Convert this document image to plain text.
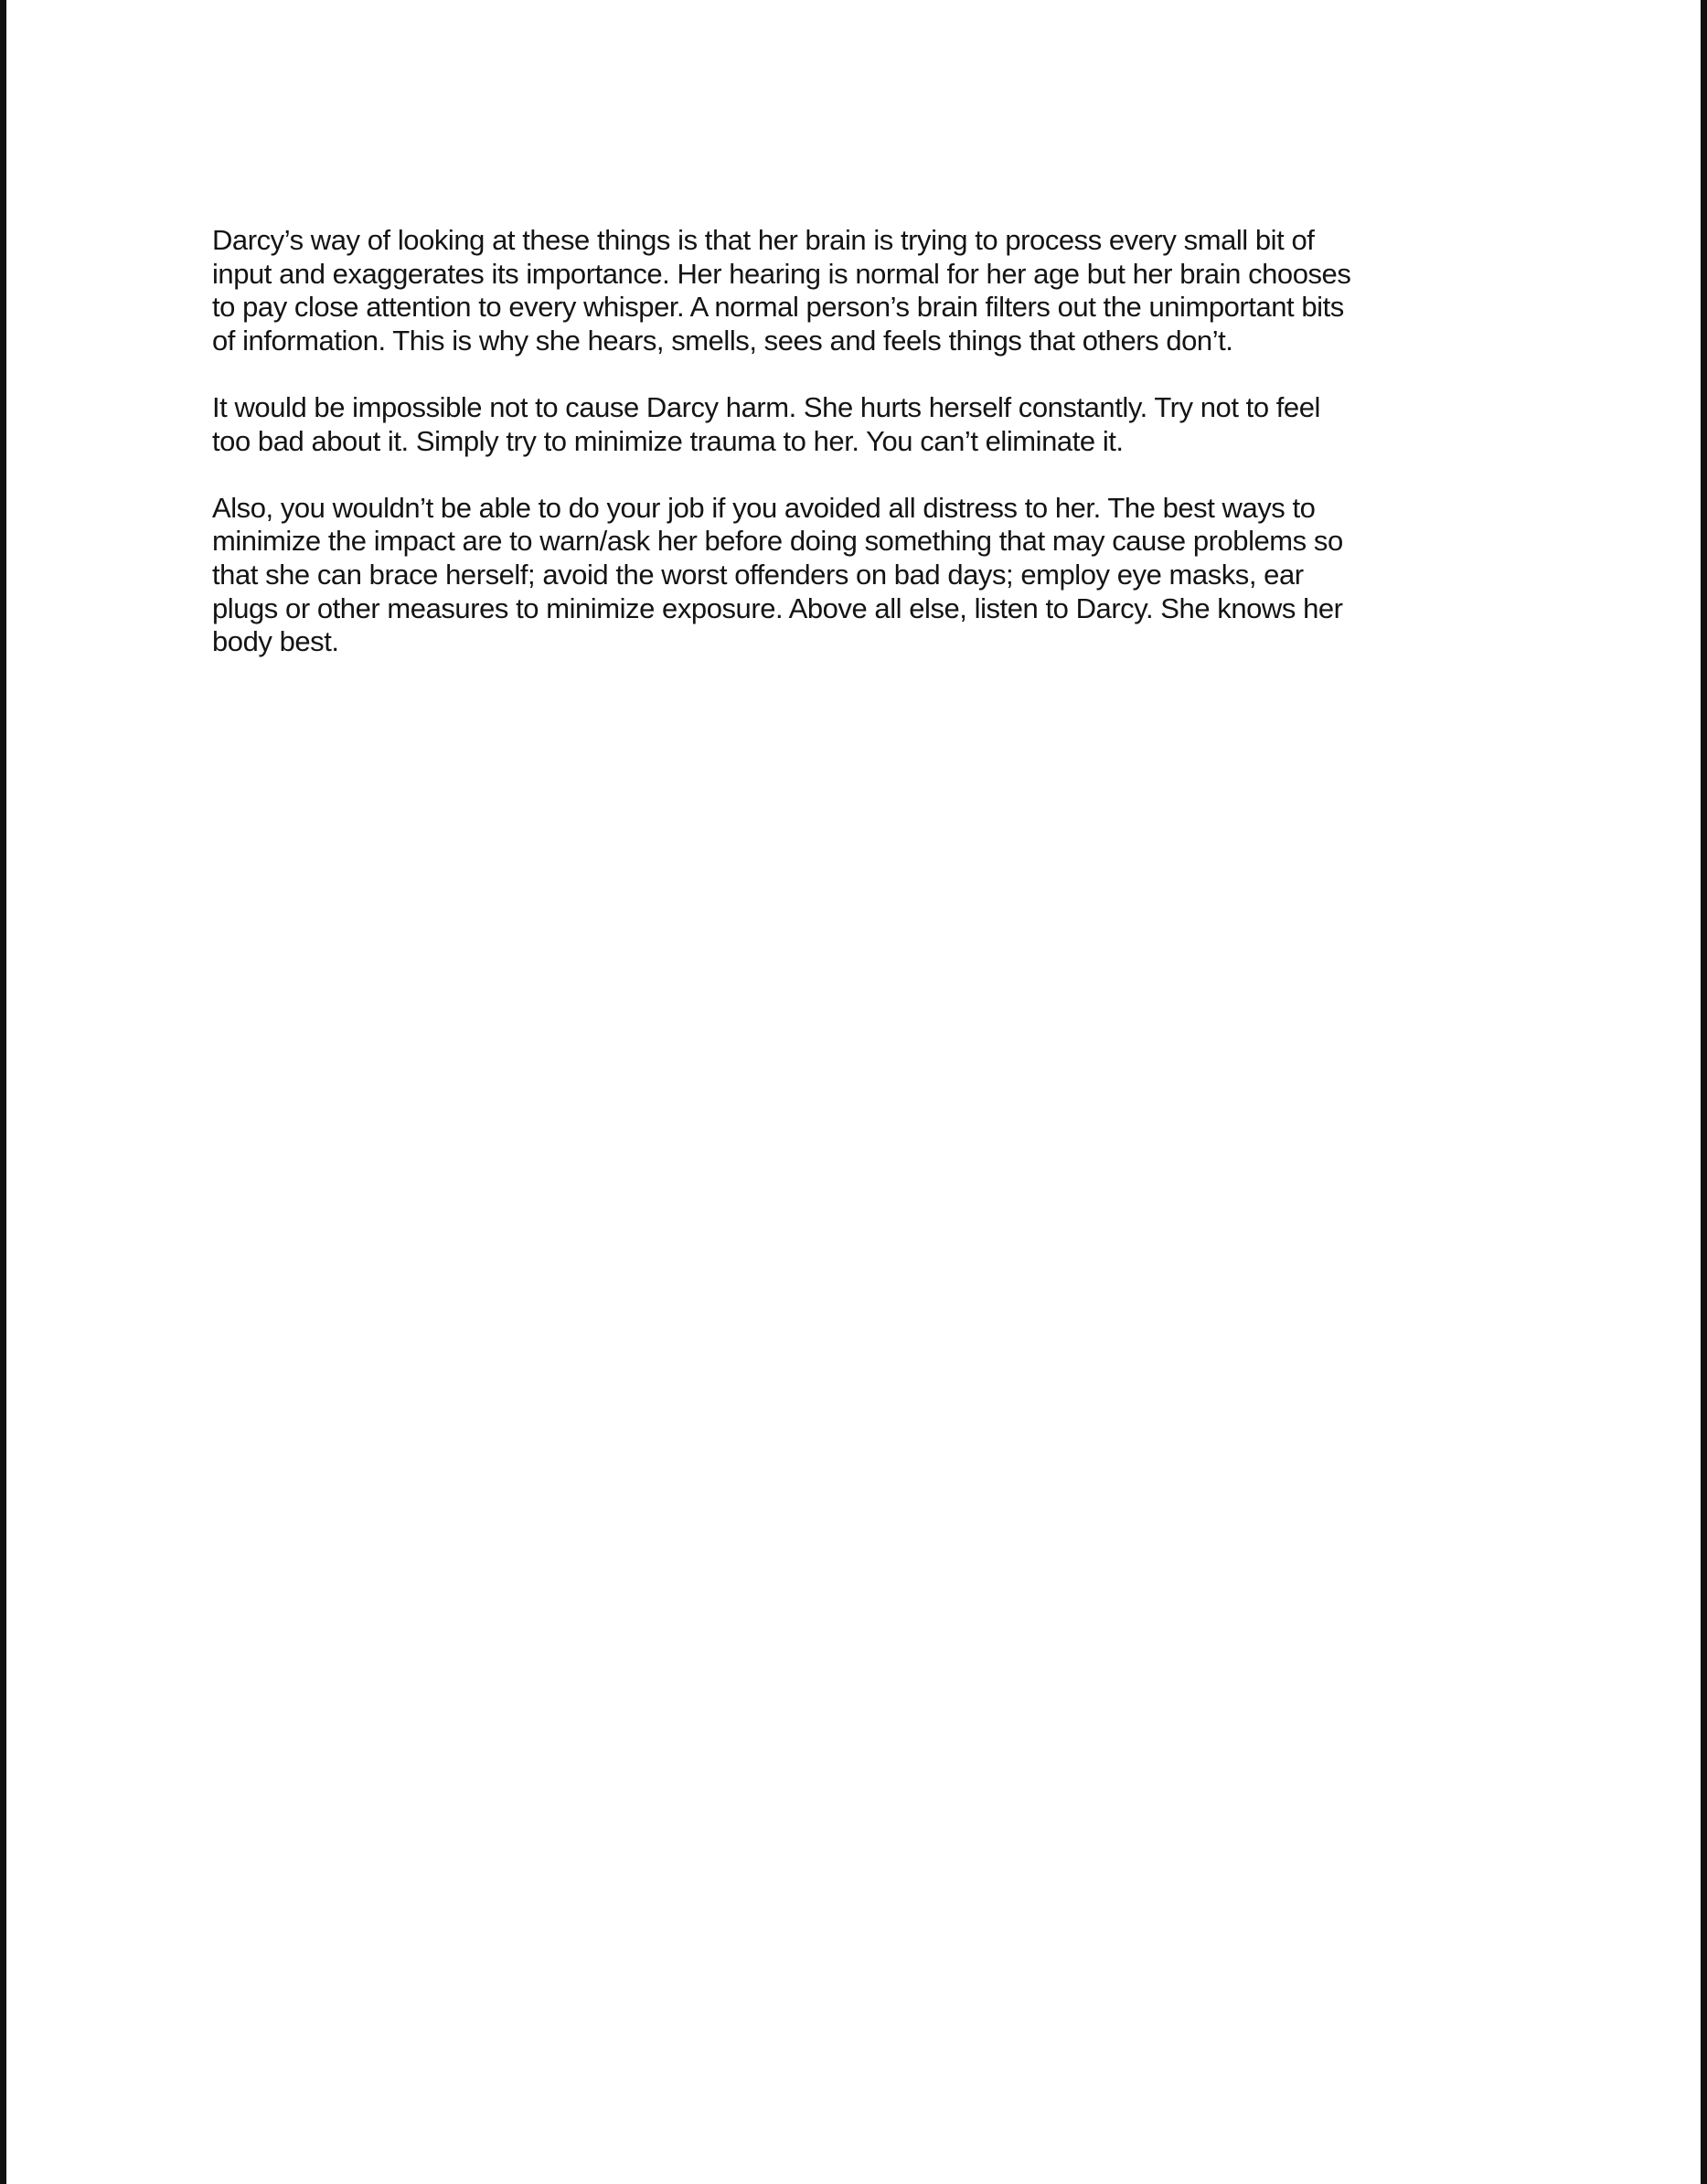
Darcy’s way of looking at these things is that her brain is trying to process every small bit of
input and exaggerates its importance. Her hearing is normal for her age but her brain chooses
to pay close attention to every whisper. A normal person’s brain filters out the unimportant bits
of information. This is why she hears, smells, sees and feels things that others don’t.

It would be impossible not to cause Darcy harm. She hurts herself constantly. Try not to feel
too bad about it. Simply try to minimize trauma to her. You can’t eliminate it.

Also, you wouldn’t be able to do your job if you avoided all distress to her. The best ways to
minimize the impact are to warn/ask her before doing something that may cause problems so
that she can brace herself; avoid the worst offenders on bad days; employ eye masks, ear
plugs or other measures to minimize exposure. Above all else, listen to Darcy. She knows her
body best.
